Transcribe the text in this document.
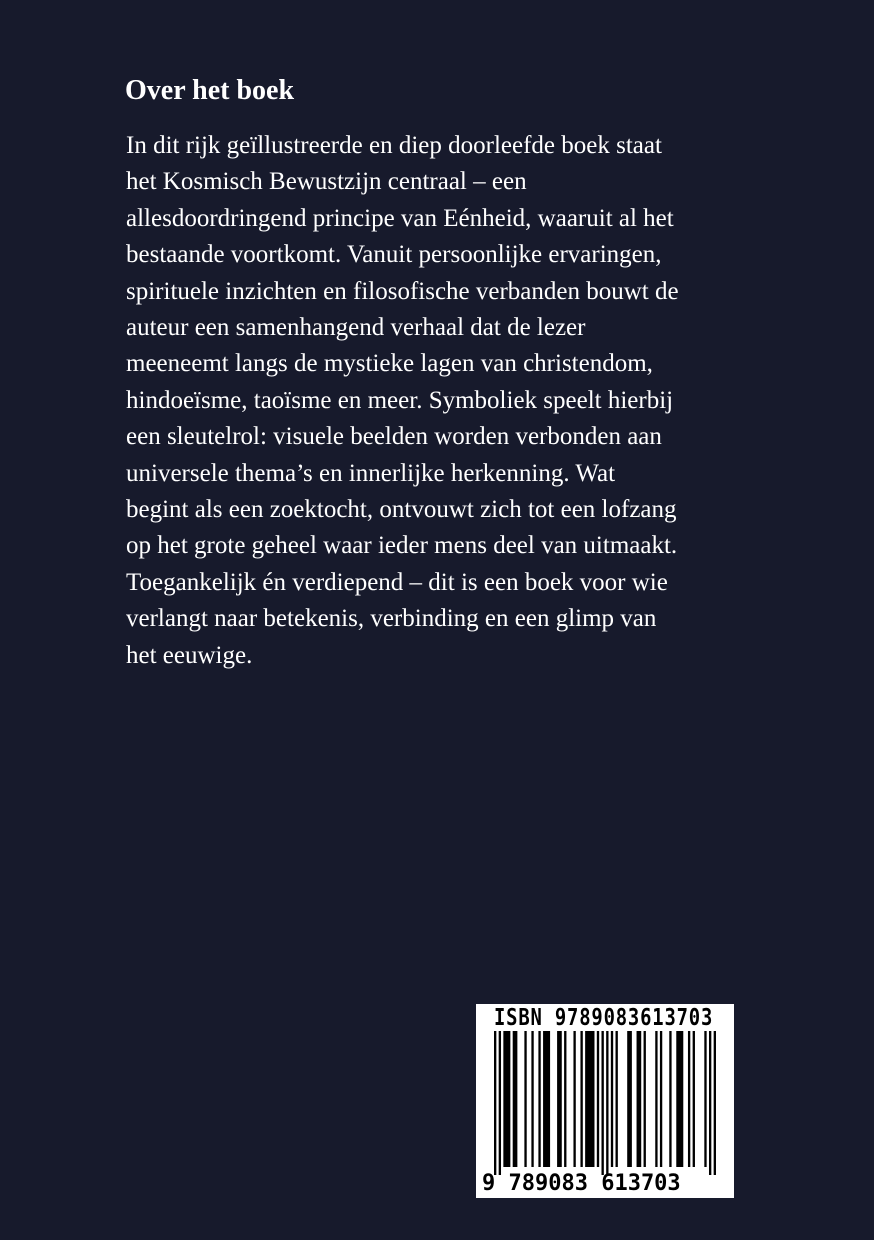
Over het boek
In dit rijk geïllustreerde en diep doorleefde boek staat
het Kosmisch Bewustzijn centraal – een
allesdoordringend principe van Eénheid, waaruit al het
bestaande voortkomt. Vanuit persoonlijke ervaringen,
spirituele inzichten en filosofische verbanden bouwt de
auteur een samenhangend verhaal dat de lezer
meeneemt langs de mystieke lagen van christendom,
hindoeïsme, taoïsme en meer. Symboliek speelt hierbij
een sleutelrol: visuele beelden worden verbonden aan
universele thema’s en innerlijke herkenning. Wat
begint als een zoektocht, ontvouwt zich tot een lofzang
op het grote geheel waar ieder mens deel van uitmaakt.
Toegankelijk én verdiepend – dit is een boek voor wie
verlangt naar betekenis, verbinding en een glimp van
het eeuwige.
ISBN 9789083613703
9 789083 613703
